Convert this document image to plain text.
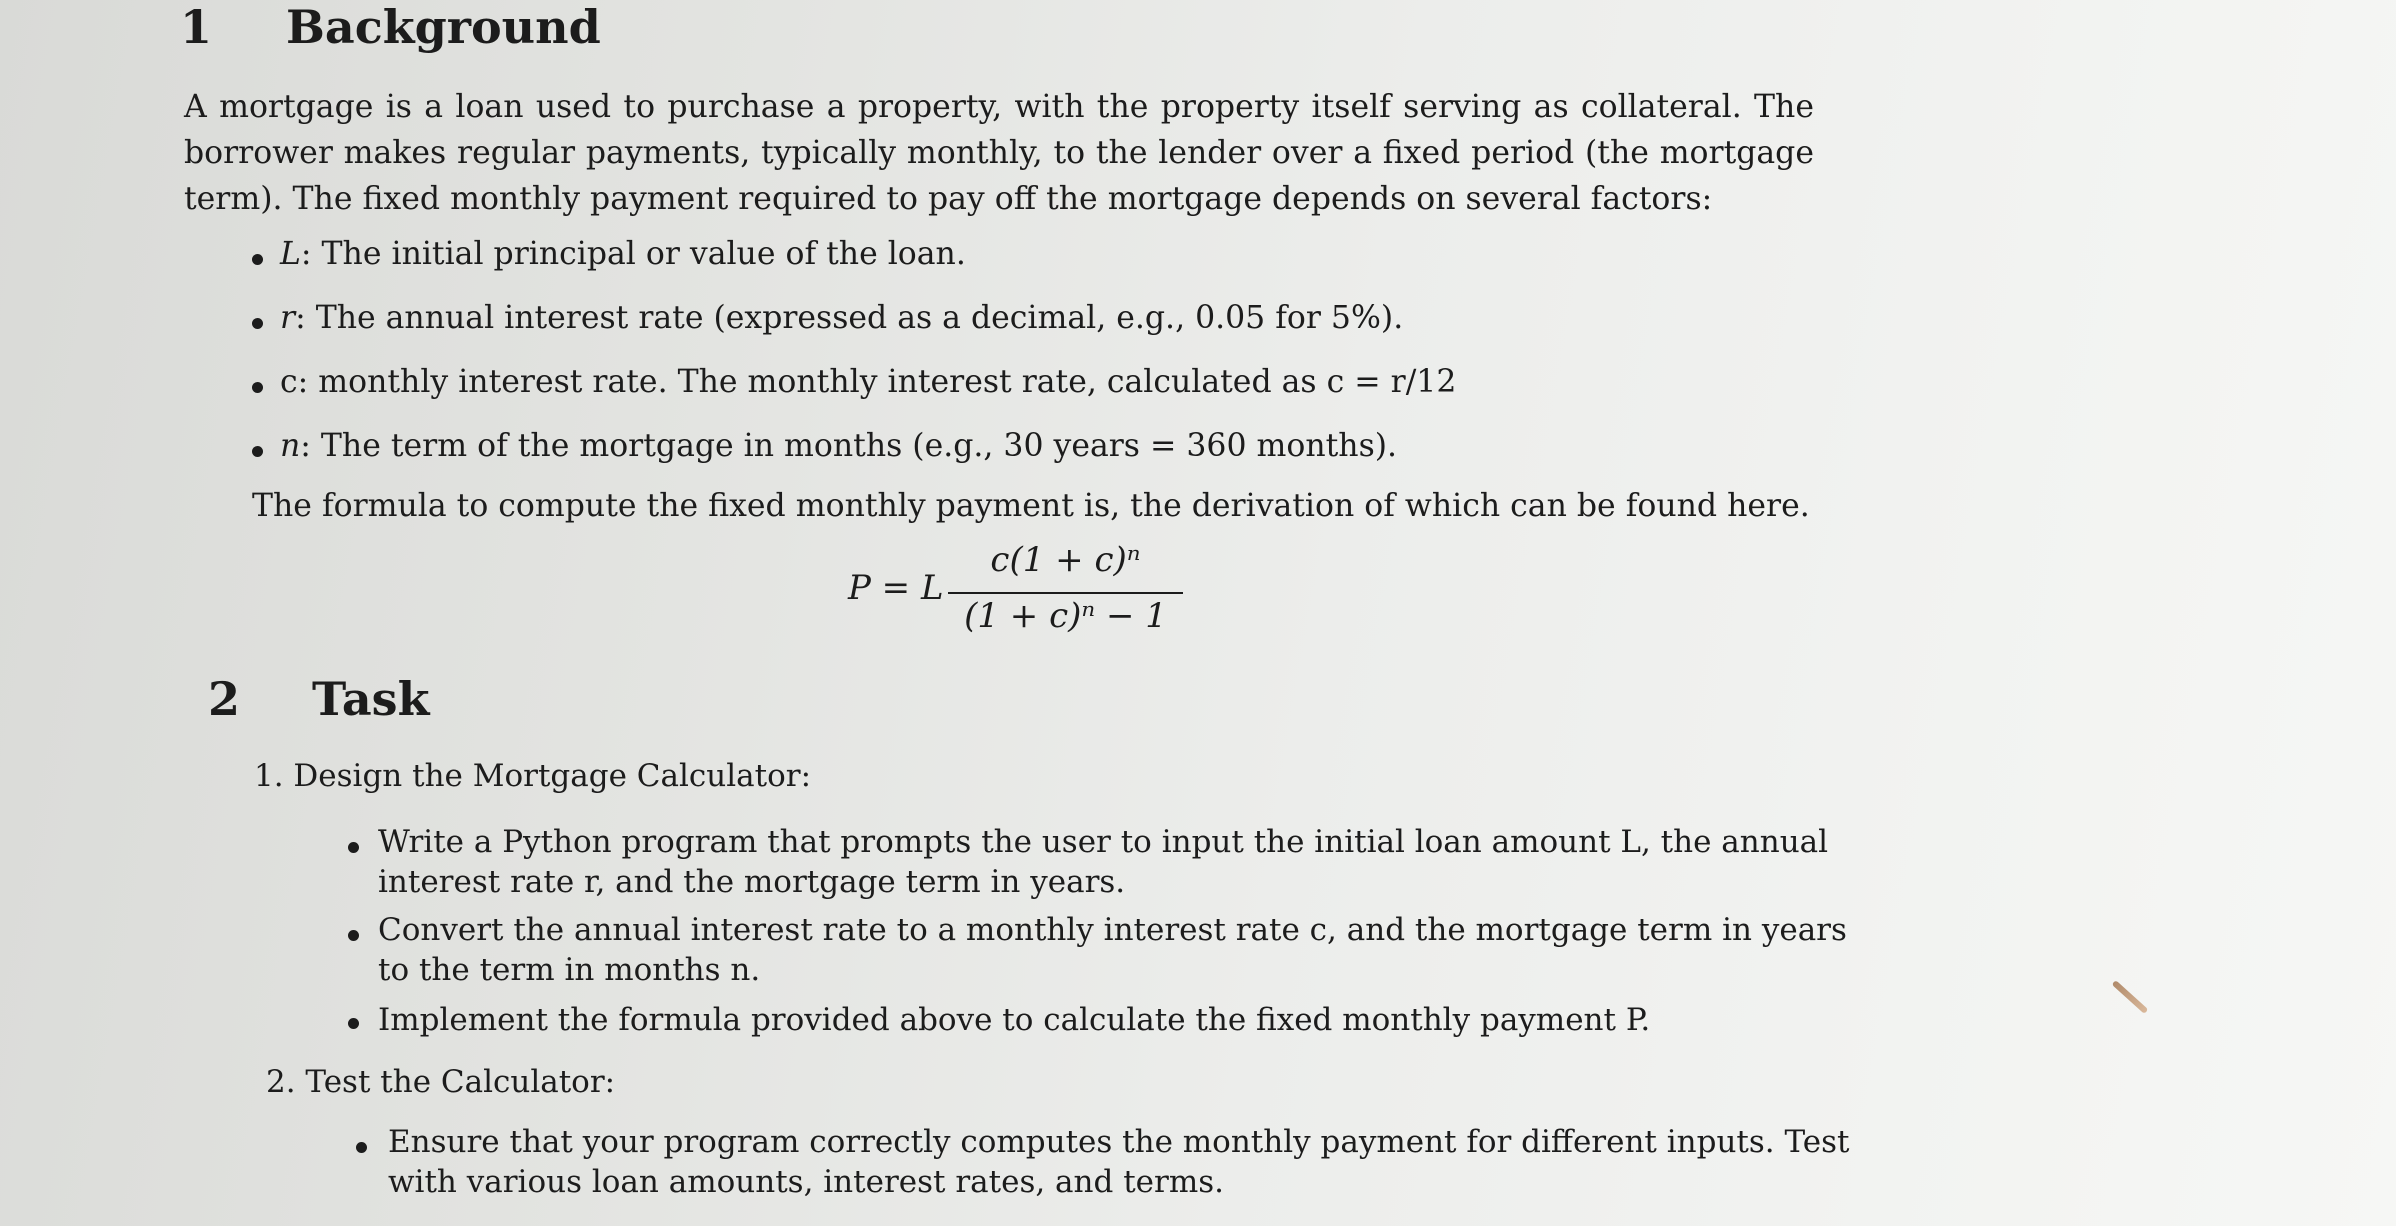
1 Background
A mortgage is a loan used to purchase a property, with the property itself serving as collateral. The
borrower makes regular payments, typically monthly, to the lender over a fixed period (the mortgage
term). The fixed monthly payment required to pay off the mortgage depends on several factors:
L: The initial principal or value of the loan.
r: The annual interest rate (expressed as a decimal, e.g., 0.05 for 5%).
c: monthly interest rate. The monthly interest rate, calculated as c = r/12
n: The term of the mortgage in months (e.g., 30 years = 360 months).
The formula to compute the fixed monthly payment is, the derivation of which can be found here.
P = L
c(1 + c)ⁿ
(1 + c)ⁿ − 1
2 Task
1. Design the Mortgage Calculator:
Write a Python program that prompts the user to input the initial loan amount L, the annual
interest rate r, and the mortgage term in years.
Convert the annual interest rate to a monthly interest rate c, and the mortgage term in years
to the term in months n.
Implement the formula provided above to calculate the fixed monthly payment P.
2. Test the Calculator:
Ensure that your program correctly computes the monthly payment for different inputs. Test
with various loan amounts, interest rates, and terms.
